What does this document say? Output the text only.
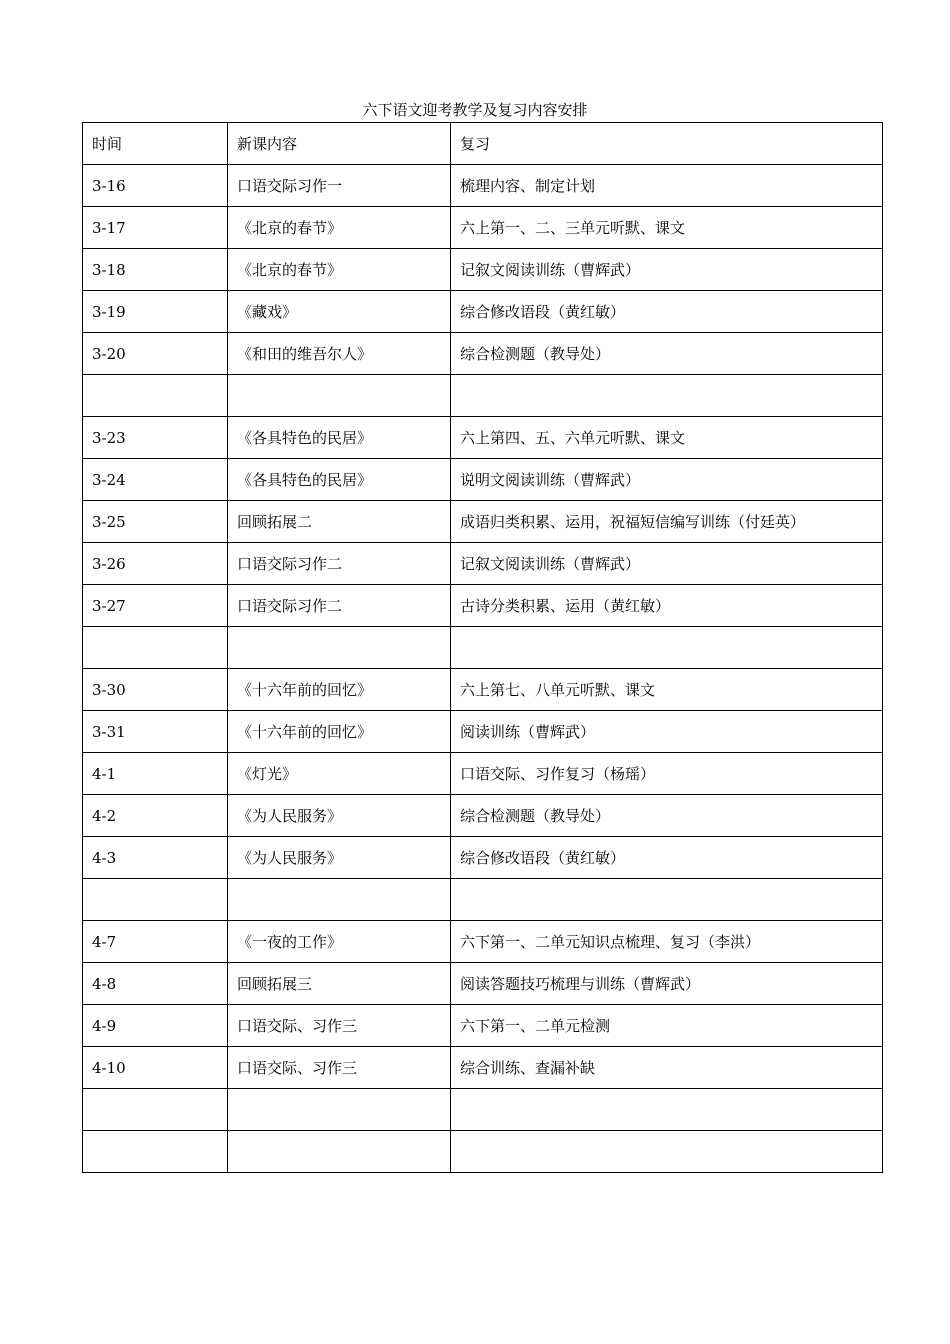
六下语文迎考教学及复习内容安排
时间	新课内容	复习
3-16	口语交际习作一	梳理内容、制定计划
3-17	《北京的春节》	六上第一、二、三单元听默、课文
3-18	《北京的春节》	记叙文阅读训练（曹辉武）
3-19	《藏戏》	综合修改语段（黄红敏）
3-20	《和田的维吾尔人》	综合检测题（教导处）

3-23	《各具特色的民居》	六上第四、五、六单元听默、课文
3-24	《各具特色的民居》	说明文阅读训练（曹辉武）
3-25	回顾拓展二	成语归类积累、运用，祝福短信编写训练（付廷英）
3-26	口语交际习作二	记叙文阅读训练（曹辉武）
3-27	口语交际习作二	古诗分类积累、运用（黄红敏）

3-30	《十六年前的回忆》	六上第七、八单元听默、课文
3-31	《十六年前的回忆》	阅读训练（曹辉武）
4-1	《灯光》	口语交际、习作复习（杨瑶）
4-2	《为人民服务》	综合检测题（教导处）
4-3	《为人民服务》	综合修改语段（黄红敏）

4-7	《一夜的工作》	六下第一、二单元知识点梳理、复习（李洪）
4-8	回顾拓展三	阅读答题技巧梳理与训练（曹辉武）
4-9	口语交际、习作三	六下第一、二单元检测
4-10	口语交际、习作三	综合训练、查漏补缺
